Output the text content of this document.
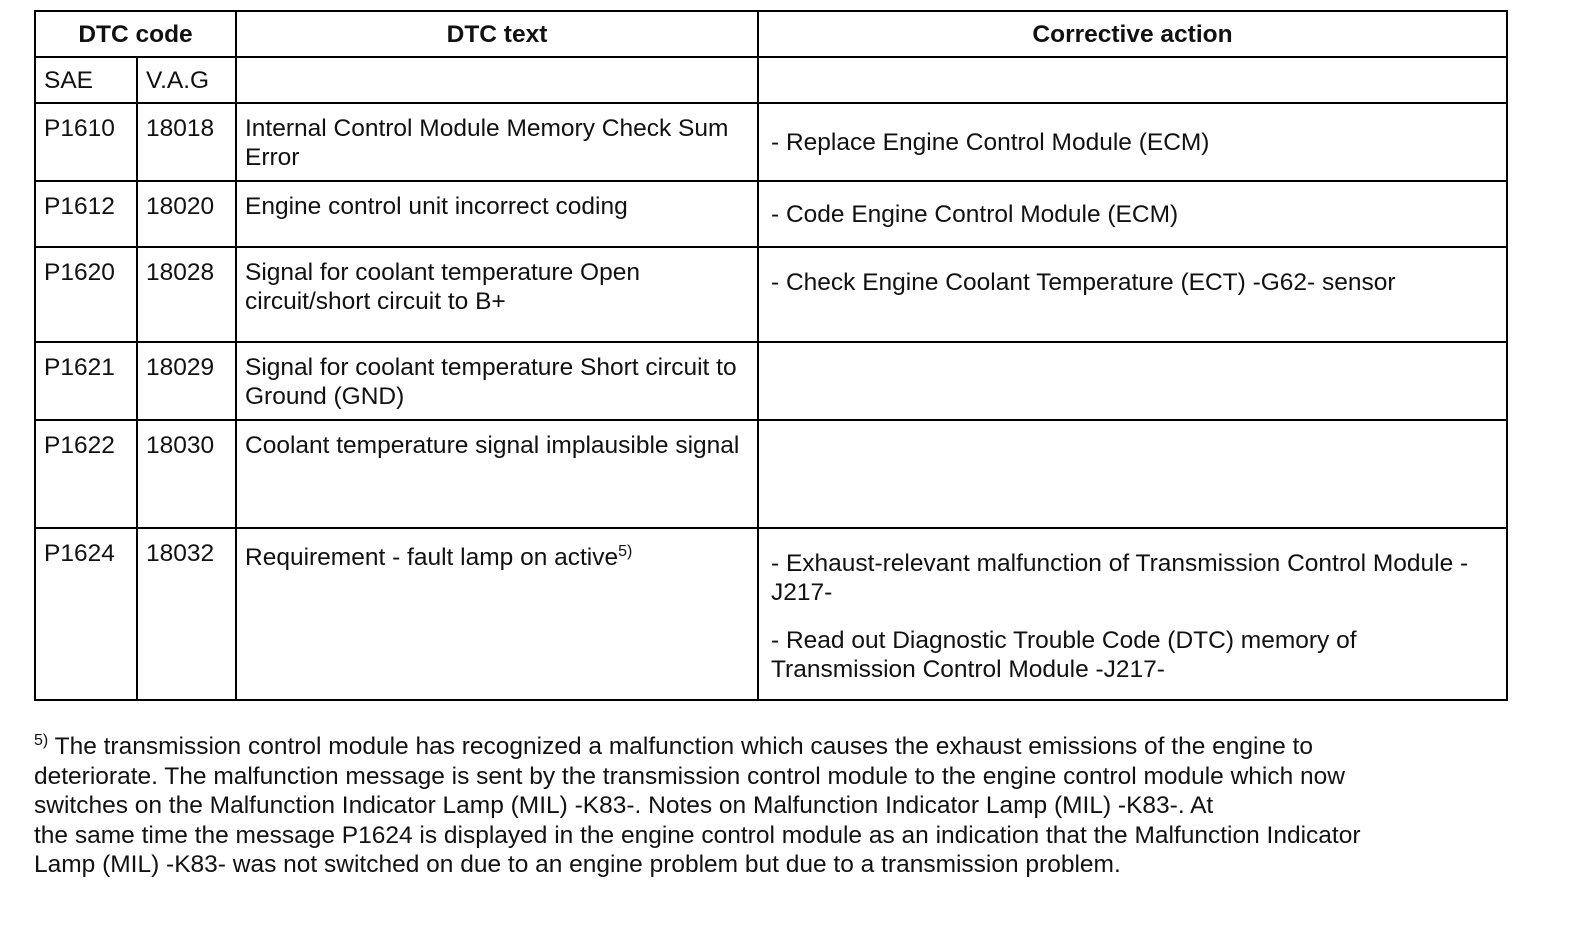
DTC code		DTC text	Corrective action
SAE	V.A.G		
P1610	18018	Internal Control Module Memory Check Sum Error	- Replace Engine Control Module (ECM)

P1612	18020	Engine control unit incorrect coding	- Code Engine Control Module (ECM)

P1620	18028	Signal for coolant temperature Open circuit/short circuit to B+	- Check Engine Coolant Temperature (ECT) -G62- sensor

P1621	18029	Signal for coolant temperature Short circuit to Ground (GND)	
P1622	18030	Coolant temperature signal implausible signal	
P1624	18032	Requirement - fault lamp on active$^{5)}$	- Exhaust-relevant malfunction of Transmission Control Module -J217-

- Read out Diagnostic Trouble Code (DTC) memory of Transmission Control Module -J217-

$^{5)}$ The transmission control module has recognized a malfunction which causes the exhaust emissions of the engine to
deteriorate. The malfunction message is sent by the transmission control module to the engine control module which now
switches on the Malfunction Indicator Lamp (MIL) -K83-. Notes on Malfunction Indicator Lamp (MIL) -K83-. At
the same time the message P1624 is displayed in the engine control module as an indication that the Malfunction Indicator
Lamp (MIL) -K83- was not switched on due to an engine problem but due to a transmission problem.
